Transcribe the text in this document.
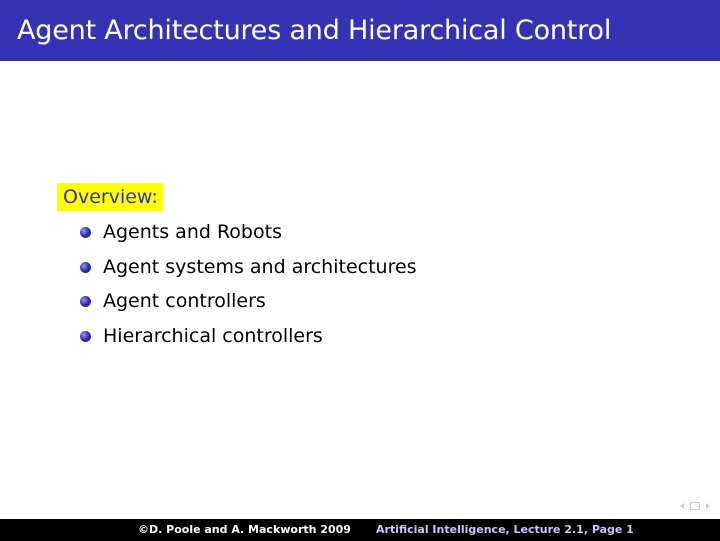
Agent Architectures and Hierarchical Control
Overview:
Agents and Robots
Agent systems and architectures
Agent controllers
Hierarchical controllers
©D. Poole and A. Mackworth 2009 Artificial Intelligence, Lecture 2.1, Page 1
